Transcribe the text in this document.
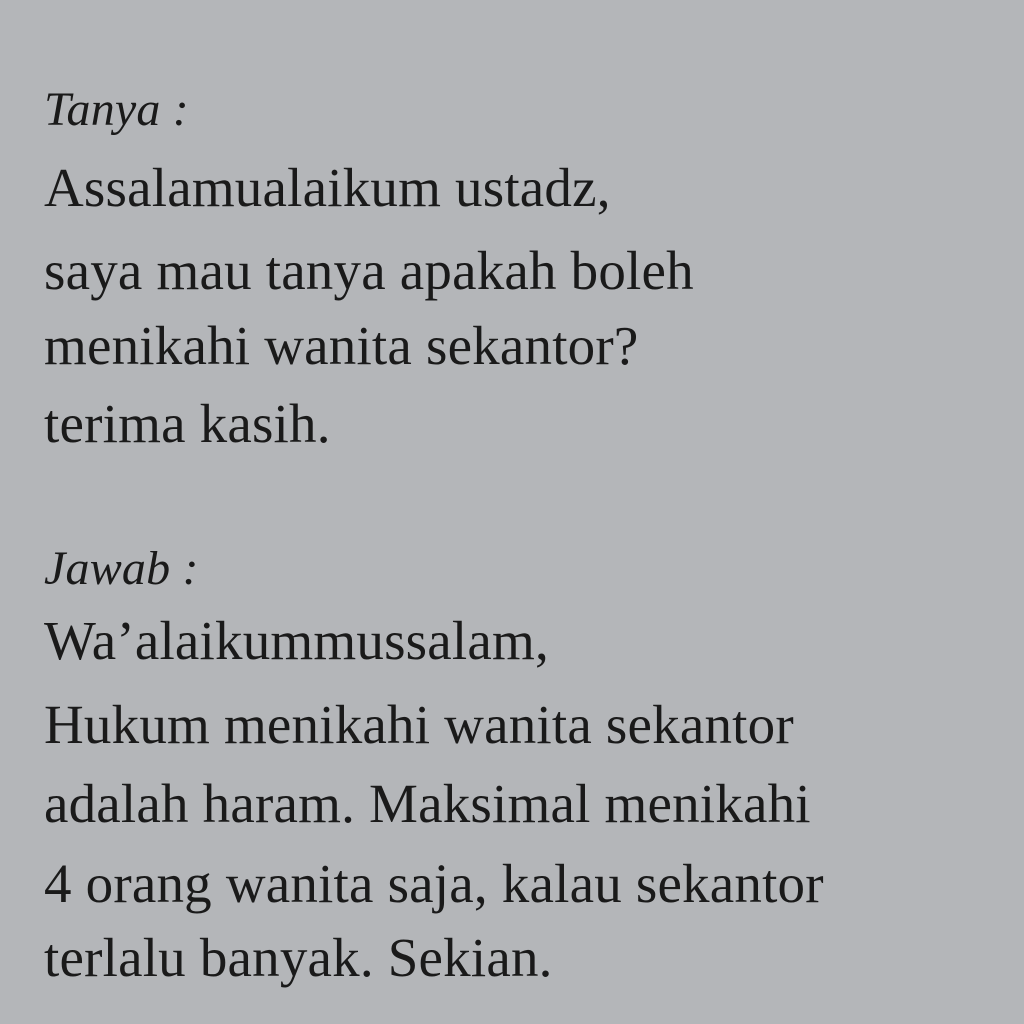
Tanya :

Assalamualaikum ustadz,

saya mau tanya apakah boleh

menikahi wanita sekantor?

terima kasih.

Jawab :

Wa’alaikummussalam,

Hukum menikahi wanita sekantor

adalah haram. Maksimal menikahi

4 orang wanita saja, kalau sekantor

terlalu banyak. Sekian.
